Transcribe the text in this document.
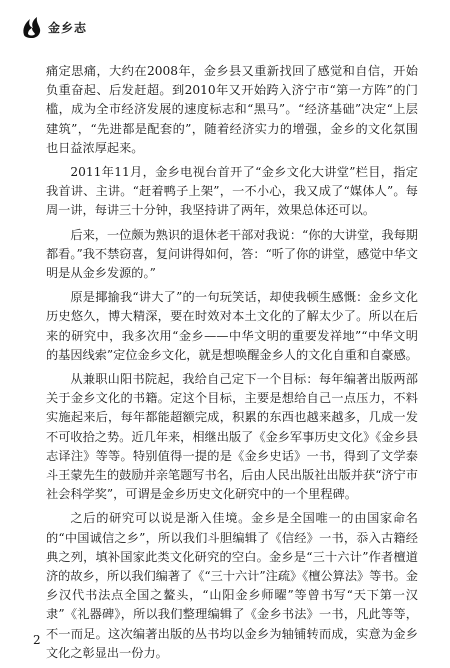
金乡志

痛定思痛，大约在2008年，金乡县又重新找回了感觉和自信，开始负重奋起、后发赶超。到2010年又开始跨入济宁市“第一方阵”的门槛，成为全市经济发展的速度标志和“黑马”。“经济基础”决定“上层建筑”，“先进都是配套的”，随着经济实力的增强，金乡的文化氛围也日益浓厚起来。

2011年11月，金乡电视台首开了“金乡文化大讲堂”栏目，指定我首讲、主讲。“赶着鸭子上架”，一不小心，我又成了“媒体人”。每周一讲，每讲三十分钟，我坚持讲了两年，效果总体还可以。

后来，一位颇为熟识的退休老干部对我说：“你的大讲堂，我每期都看。”我不禁窃喜，复问讲得如何，答：“听了你的讲堂，感觉中华文明是从金乡发源的。”

原是揶揄我“讲大了”的一句玩笑话，却使我顿生感慨：金乡文化历史悠久，博大精深，要在时效对本土文化的了解太少了。所以在后来的研究中，我多次用“金乡——中华文明的重要发祥地”“中华文明的基因线索”定位金乡文化，就是想唤醒金乡人的文化自重和自豪感。

从兼职山阳书院起，我给自己定下一个目标：每年编著出版两部关于金乡文化的书籍。定这个目标，主要是想给自己一点压力，不料实施起来后，每年都能超额完成，积累的东西也越来越多，几成一发不可收拾之势。近几年来，相继出版了《金乡军事历史文化》《金乡县志译注》等等。特别值得一提的是《金乡史话》一书，得到了文学泰斗王蒙先生的鼓励并亲笔题写书名，后由人民出版社出版并获“济宁市社会科学奖”，可谓是金乡历史文化研究中的一个里程碑。

之后的研究可以说是渐入佳境。金乡是全国唯一的由国家命名的“中国诚信之乡”，所以我们斗胆编辑了《信经》一书，忝入古籍经典之列，填补国家此类文化研究的空白。金乡是“三十六计”作者檀道济的故乡，所以我们编著了《“三十六计”注疏》《檀公算法》等书。金乡汉代书法点全国之鳌头，“山阳金乡师曜”等曾书写“天下第一汉隶”《礼器碑》，所以我们整理编辑了《金乡书法》一书，凡此等等，不一而足。这次编著出版的丛书均以金乡为轴铺转而成，实意为金乡文化之彰显出一份力。

2
